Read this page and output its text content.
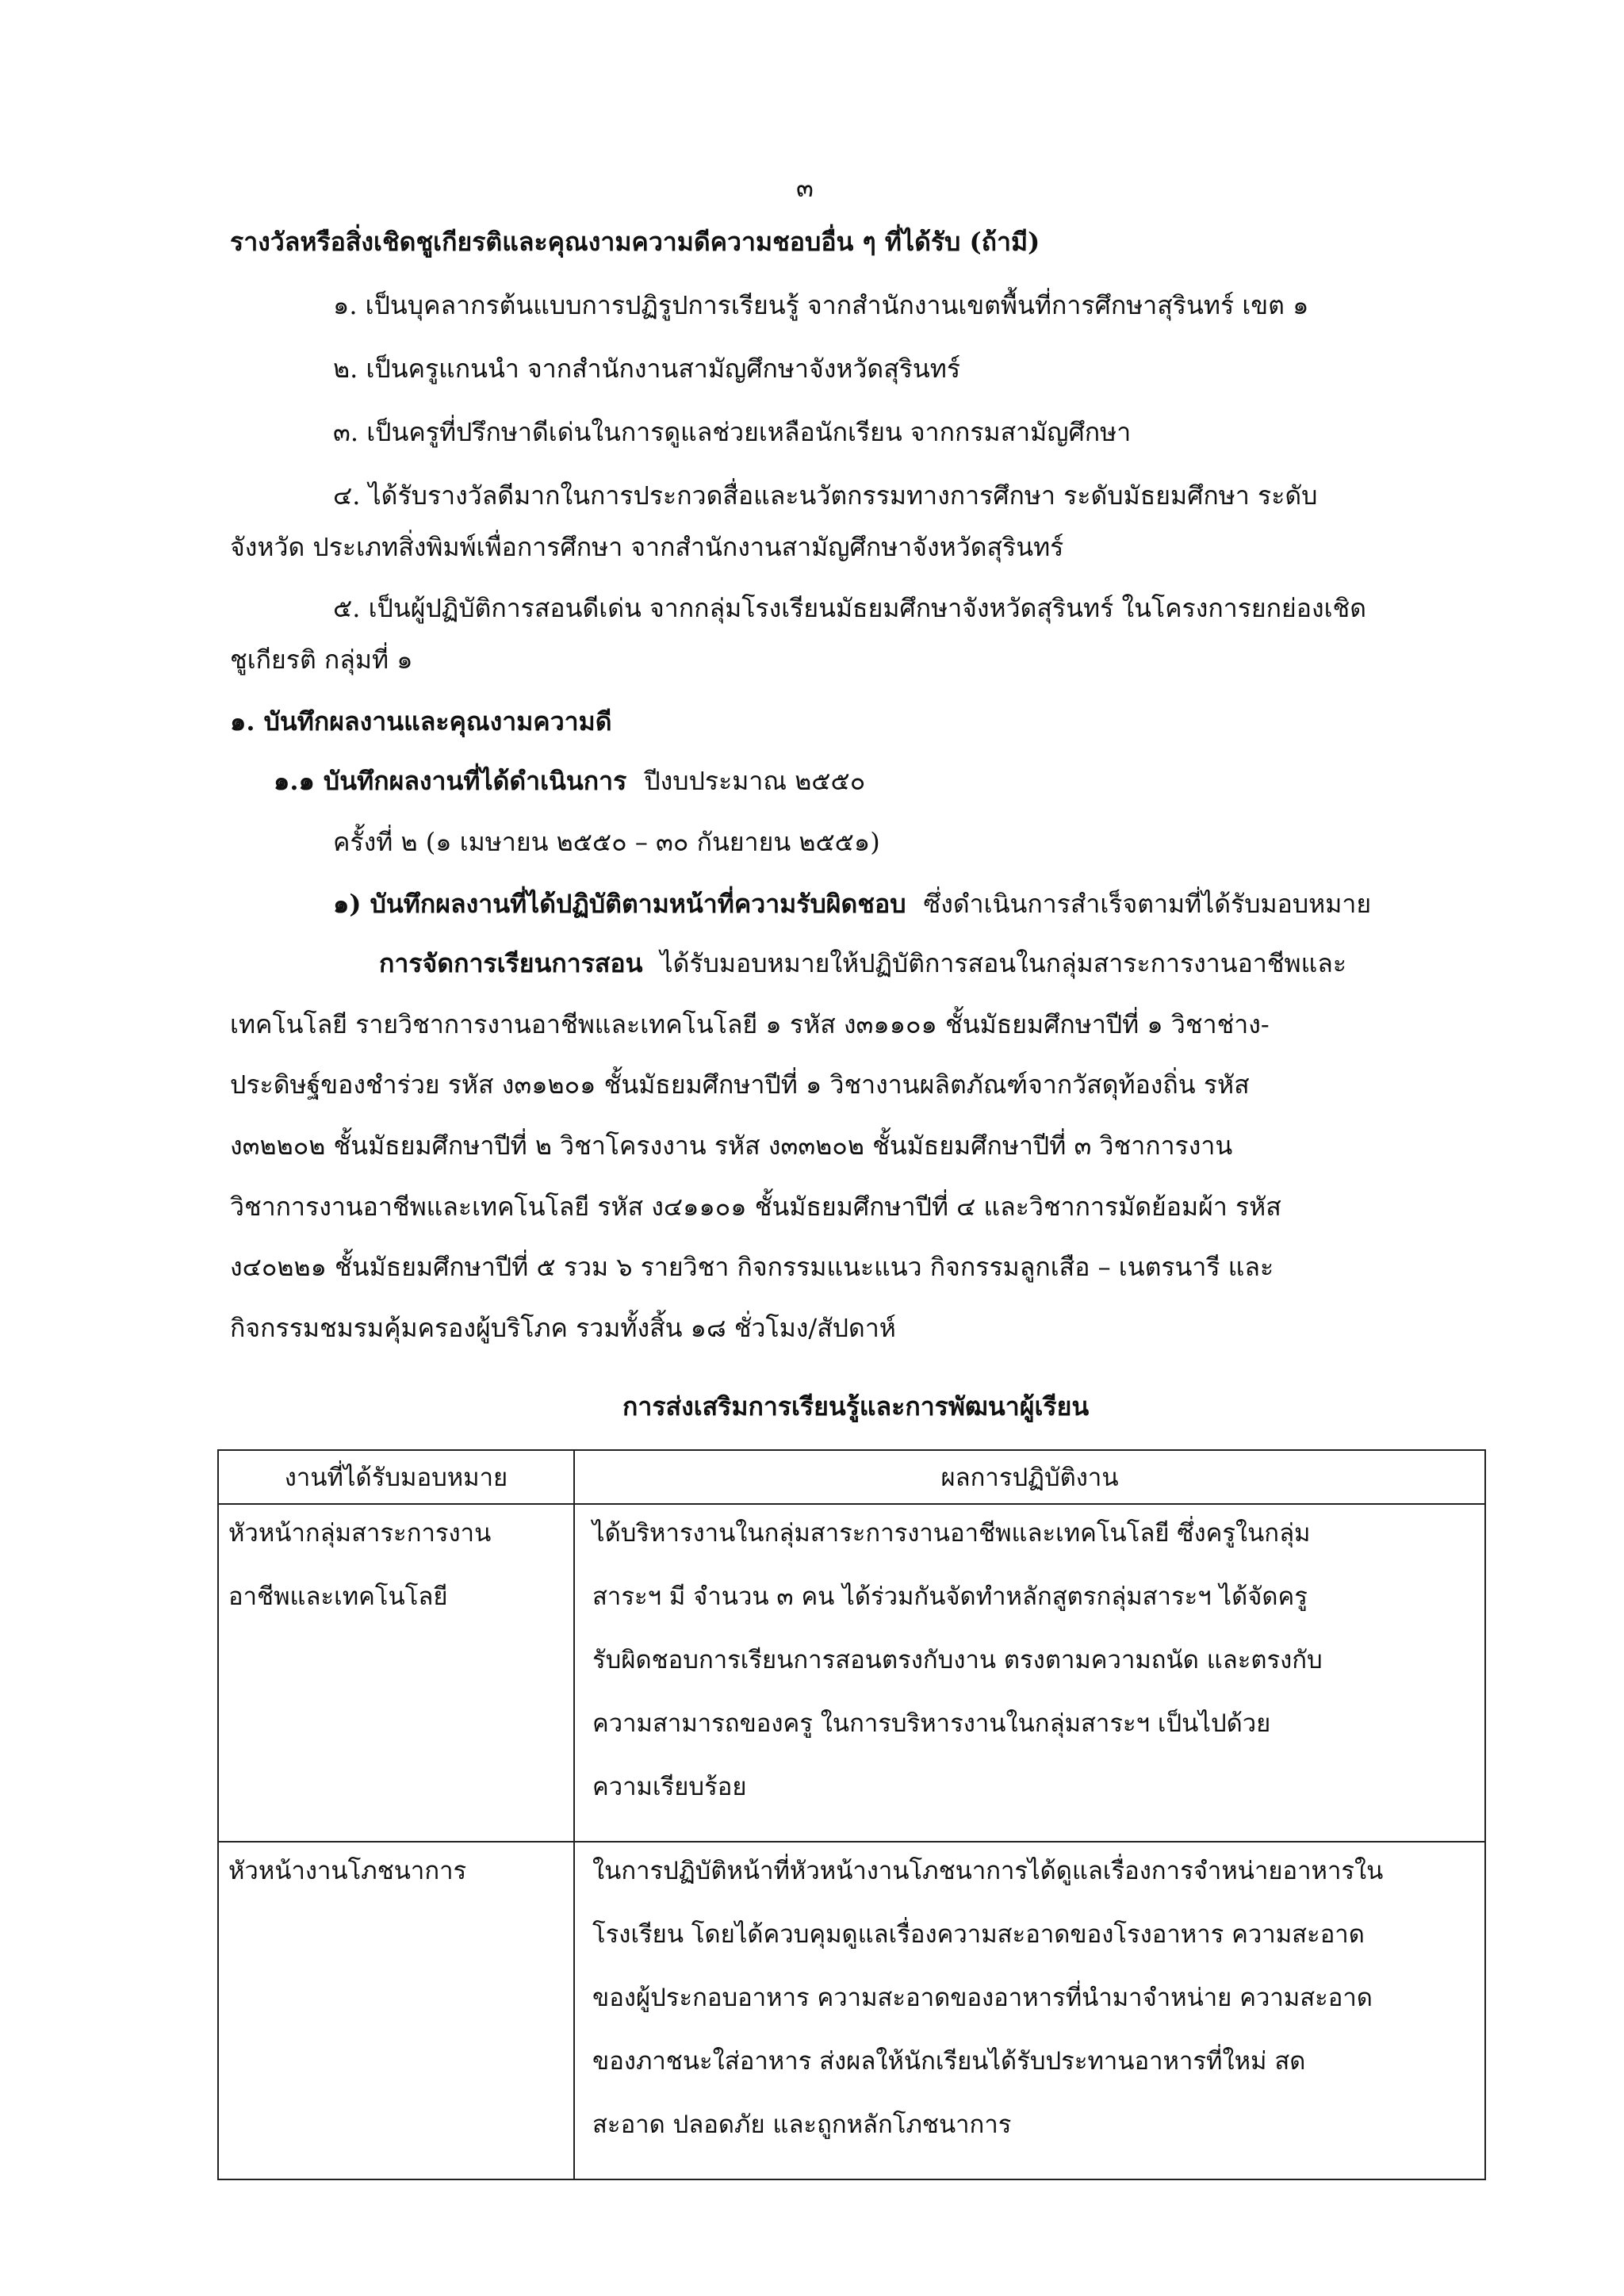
๓
รางวัลหรือสิ่งเชิดชูเกียรติและคุณงามความดีความชอบอื่น ๆ ที่ได้รับ (ถ้ามี)
๑. เป็นบุคลากรต้นแบบการปฏิรูปการเรียนรู้ จากสำนักงานเขตพื้นที่การศึกษาสุรินทร์ เขต ๑
๒. เป็นครูแกนนำ จากสำนักงานสามัญศึกษาจังหวัดสุรินทร์
๓. เป็นครูที่ปรึกษาดีเด่นในการดูแลช่วยเหลือนักเรียน จากกรมสามัญศึกษา
๔. ได้รับรางวัลดีมากในการประกวดสื่อและนวัตกรรมทางการศึกษา ระดับมัธยมศึกษา ระดับ
จังหวัด ประเภทสิ่งพิมพ์เพื่อการศึกษา จากสำนักงานสามัญศึกษาจังหวัดสุรินทร์
๕. เป็นผู้ปฏิบัติการสอนดีเด่น จากกลุ่มโรงเรียนมัธยมศึกษาจังหวัดสุรินทร์ ในโครงการยกย่องเชิด
ชูเกียรติ กลุ่มที่ ๑
๑. บันทึกผลงานและคุณงามความดี
๑.๑ บันทึกผลงานที่ได้ดำเนินการ ปีงบประมาณ ๒๕๕๐
ครั้งที่ ๒ (๑ เมษายน ๒๕๕๐ – ๓๐ กันยายน ๒๕๕๑)
๑) บันทึกผลงานที่ได้ปฏิบัติตามหน้าที่ความรับผิดชอบ ซึ่งดำเนินการสำเร็จตามที่ได้รับมอบหมาย
การจัดการเรียนการสอน ได้รับมอบหมายให้ปฏิบัติการสอนในกลุ่มสาระการงานอาชีพและ
เทคโนโลยี รายวิชาการงานอาชีพและเทคโนโลยี ๑ รหัส ง๓๑๑๐๑ ชั้นมัธยมศึกษาปีที่ ๑ วิชาช่าง-
ประดิษฐ์ของชำร่วย รหัส ง๓๑๒๐๑ ชั้นมัธยมศึกษาปีที่ ๑ วิชางานผลิตภัณฑ์จากวัสดุท้องถิ่น รหัส
ง๓๒๒๐๒ ชั้นมัธยมศึกษาปีที่ ๒ วิชาโครงงาน รหัส ง๓๓๒๐๒ ชั้นมัธยมศึกษาปีที่ ๓ วิชาการงาน
วิชาการงานอาชีพและเทคโนโลยี รหัส ง๔๑๑๐๑ ชั้นมัธยมศึกษาปีที่ ๔ และวิชาการมัดย้อมผ้า รหัส
ง๔๐๒๒๑ ชั้นมัธยมศึกษาปีที่ ๕ รวม ๖ รายวิชา กิจกรรมแนะแนว กิจกรรมลูกเสือ – เนตรนารี และ
กิจกรรมชมรมคุ้มครองผู้บริโภค รวมทั้งสิ้น ๑๘ ชั่วโมง/สัปดาห์
การส่งเสริมการเรียนรู้และการพัฒนาผู้เรียน
งานที่ได้รับมอบหมาย	ผลการปฏิบัติงาน

หัวหน้ากลุ่มสาระการงาน
อาชีพและเทคโนโลยี	ได้บริหารงานในกลุ่มสาระการงานอาชีพและเทคโนโลยี ซึ่งครูในกลุ่ม
สาระฯ มี จำนวน ๓ คน ได้ร่วมกันจัดทำหลักสูตรกลุ่มสาระฯ ได้จัดครู
รับผิดชอบการเรียนการสอนตรงกับงาน ตรงตามความถนัด และตรงกับ
ความสามารถของครู ในการบริหารงานในกลุ่มสาระฯ เป็นไปด้วย
ความเรียบร้อย

หัวหน้างานโภชนาการ	ในการปฏิบัติหน้าที่หัวหน้างานโภชนาการได้ดูแลเรื่องการจำหน่ายอาหารใน
โรงเรียน โดยได้ควบคุมดูแลเรื่องความสะอาดของโรงอาหาร ความสะอาด
ของผู้ประกอบอาหาร ความสะอาดของอาหารที่นำมาจำหน่าย ความสะอาด
ของภาชนะใส่อาหาร ส่งผลให้นักเรียนได้รับประทานอาหารที่ใหม่ สด
สะอาด ปลอดภัย และถูกหลักโภชนาการ
